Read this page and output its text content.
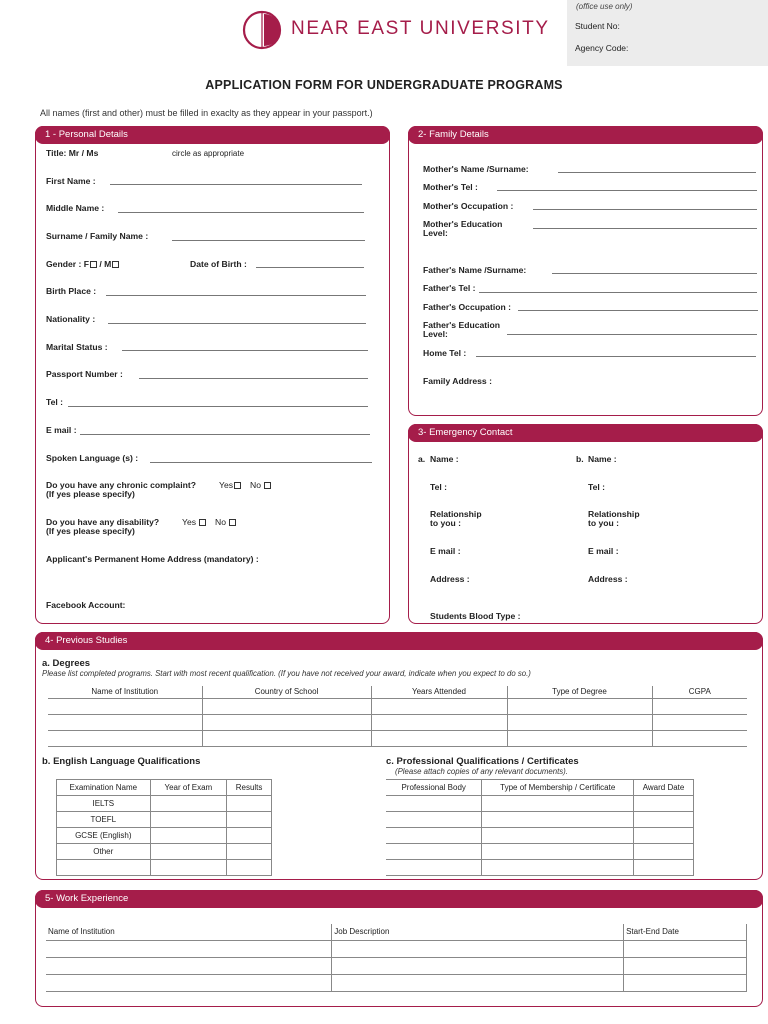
NEAR EAST UNIVERSITY
(office use only)
Student No:
Agency Code:
APPLICATION FORM FOR UNDERGRADUATE PROGRAMS
All names (first and other) must be filled in exaclty as they appear in your passport.)
1 - Personal Details
Title: Mr / Ms	circle as appropriate
First Name :
Middle Name :
Surname / Family Name :
Gender : F / M	Date of Birth :
Birth Place :
Nationality :
Marital Status :
Passport Number :
Tel :
E mail :
Spoken Language (s) :
Do you have any chronic complaint?
(If yes please specify)
Yes	No
Do you have any disability?
(If yes please specify)
Yes	No
Applicant's Permanent Home Address (mandatory) :
Facebook Account:
2- Family Details
Mother's Name /Surname:
Mother's Tel :
Mother's Occupation :
Mother's Education
Level:
Father's Name /Surname:
Father's Tel :
Father's Occupation :
Father's Education
Level:
Home Tel :
Family Address :
3- Emergency Contact
a. Name :	b. Name :
Tel :	Tel :
Relationship
to you :
Relationship
to you :
E mail :	E mail :
Address :	Address :
Students Blood Type :
4- Previous Studies
a. Degrees
Please list completed programs. Start with most recent qualification. (If you have not received your award, indicate when you expect to do so.)
Name of Institution	Country of School	Years Attended	Type of Degree	CGPA

b. English Language Qualifications
Examination Name	Year of Exam	Results
IELTS		
TOEFL		
GCSE (English)		
Other		

c. Professional Qualifications / Certificates
(Please attach copies of any relevant documents).
Professional Body	Type of Membership / Certificate	Award Date

5- Work Experience
Name of Institution	Job Description	Start-End Date
